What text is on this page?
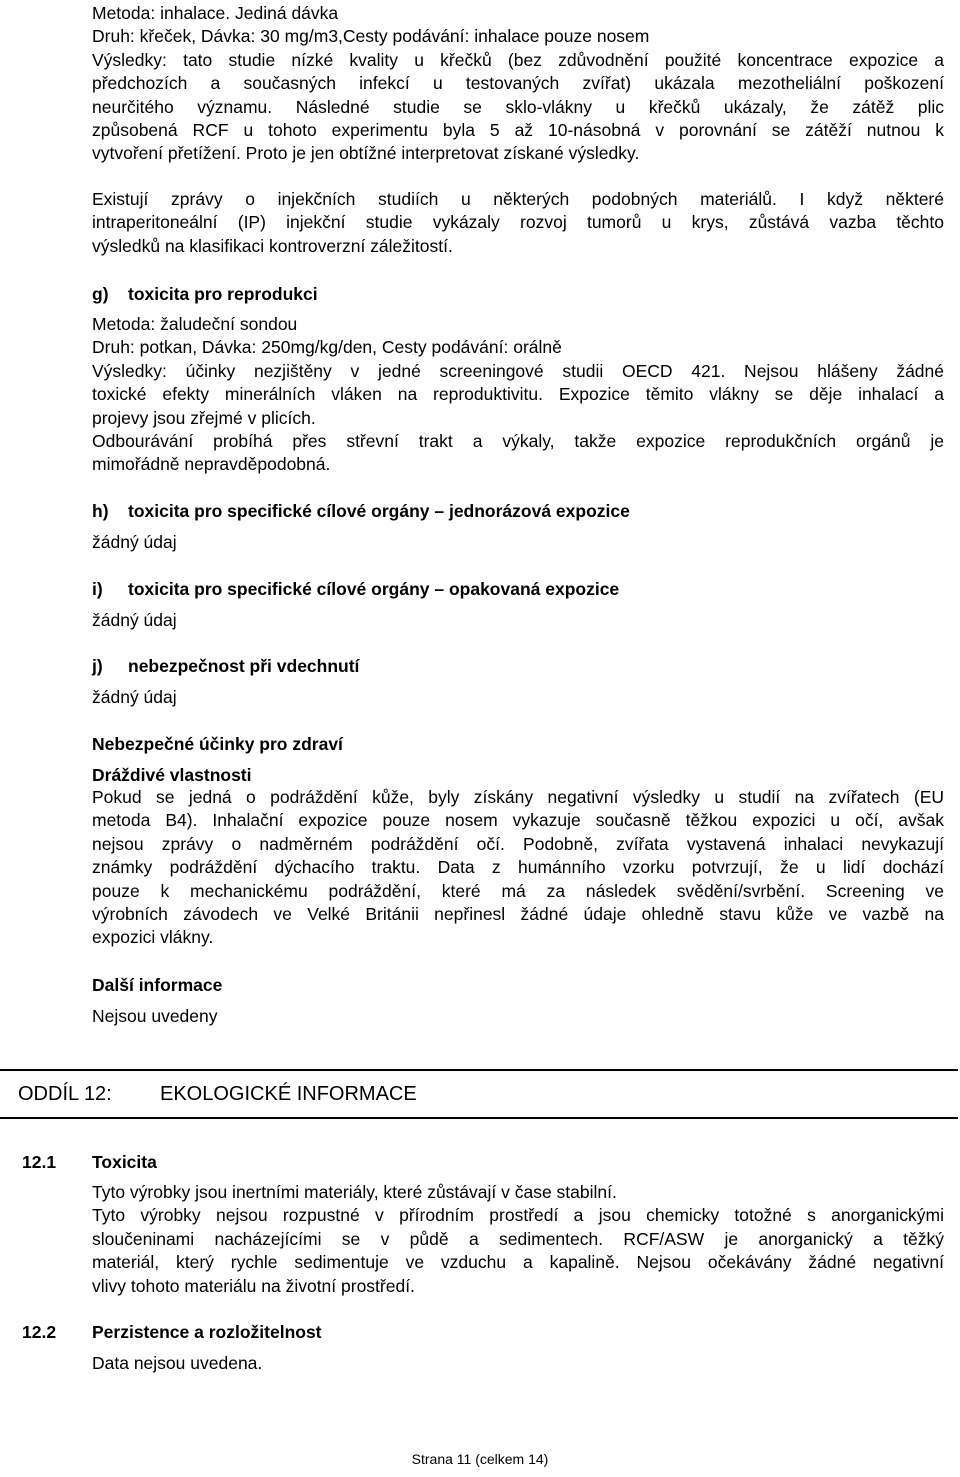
Metoda: inhalace. Jediná dávka
Druh: křeček, Dávka: 30 mg/m3,Cesty podávání: inhalace pouze nosem
Výsledky: tato studie nízké kvality u křečků (bez zdůvodnění použité koncentrace expozice a
předchozích a současných infekcí u testovaných zvířat) ukázala mezotheliální poškození
neurčitého významu. Následné studie se sklo-vlákny u křečků ukázaly, že zátěž plic
způsobená RCF u tohoto experimentu byla 5 až 10-násobná v porovnání se zátěží nutnou k
vytvoření přetížení. Proto je jen obtížné interpretovat získané výsledky.
Existují zprávy o injekčních studiích u některých podobných materiálů. I když některé
intraperitoneální (IP) injekční studie vykázaly rozvoj tumorů u krys, zůstává vazba těchto
výsledků na klasifikaci kontroverzní záležitostí.
g) toxicita pro reprodukci
Metoda: žaludeční sondou
Druh: potkan, Dávka: 250mg/kg/den, Cesty podávání: orálně
Výsledky: účinky nezjištěny v jedné screeningové studii OECD 421. Nejsou hlášeny žádné
toxické efekty minerálních vláken na reproduktivitu. Expozice těmito vlákny se děje inhalací a
projevy jsou zřejmé v plicích.
Odbourávání probíhá přes střevní trakt a výkaly, takže expozice reprodukčních orgánů je
mimořádně nepravděpodobná.
h) toxicita pro specifické cílové orgány – jednorázová expozice
žádný údaj
i) toxicita pro specifické cílové orgány – opakovaná expozice
žádný údaj
j) nebezpečnost při vdechnutí
žádný údaj
Nebezpečné účinky pro zdraví
Dráždivé vlastnosti
Pokud se jedná o podráždění kůže, byly získány negativní výsledky u studií na zvířatech (EU
metoda B4). Inhalační expozice pouze nosem vykazuje současně těžkou expozici u očí, avšak
nejsou zprávy o nadměrném podráždění očí. Podobně, zvířata vystavená inhalaci nevykazují
známky podráždění dýchacího traktu. Data z humánního vzorku potvrzují, že u lidí dochází
pouze k mechanickému podráždění, které má za následek svědění/svrbění. Screening ve
výrobních závodech ve Velké Británii nepřinesl žádné údaje ohledně stavu kůže ve vazbě na
expozici vlákny.
Další informace
Nejsou uvedeny
ODDÍL 12: EKOLOGICKÉ INFORMACE
12.1 Toxicita
Tyto výrobky jsou inertními materiály, které zůstávají v čase stabilní.
Tyto výrobky nejsou rozpustné v přírodním prostředí a jsou chemicky totožné s anorganickými
sloučeninami nacházejícími se v půdě a sedimentech. RCF/ASW je anorganický a těžký
materiál, který rychle sedimentuje ve vzduchu a kapalině. Nejsou očekávány žádné negativní
vlivy tohoto materiálu na životní prostředí.
12.2 Perzistence a rozložitelnost
Data nejsou uvedena.
Strana 11 (celkem 14)
